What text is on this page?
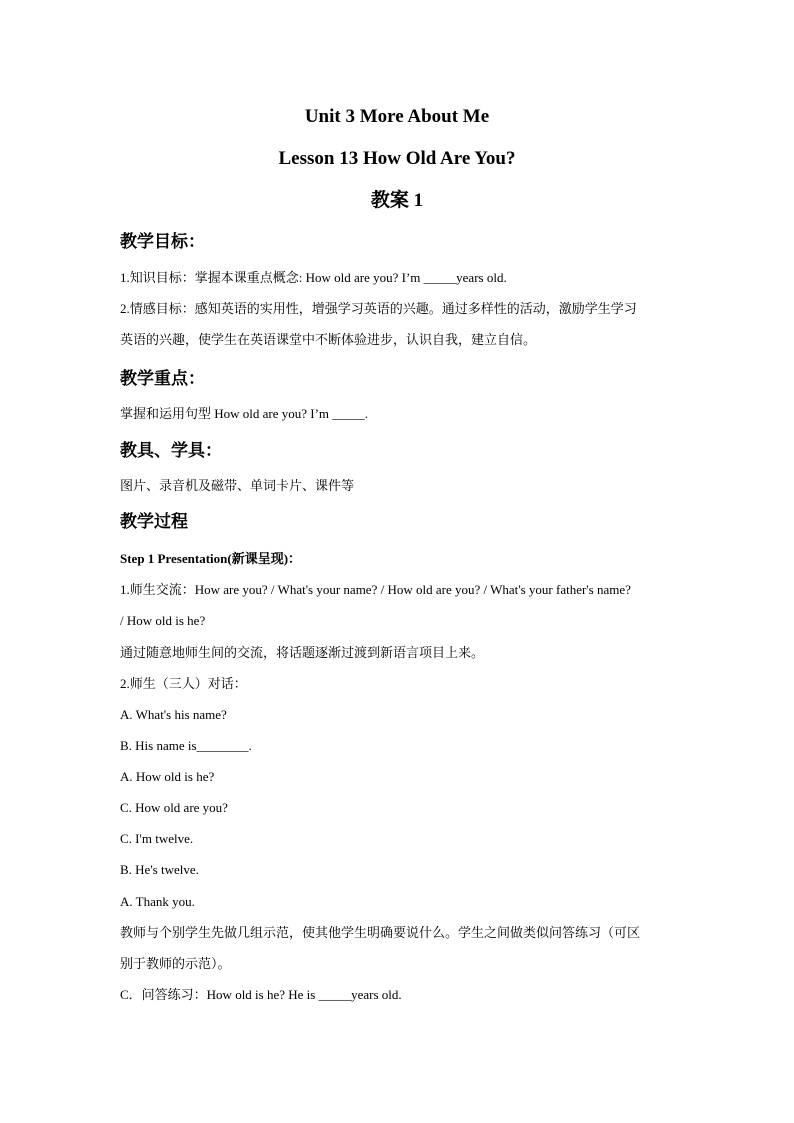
Unit 3 More About Me
Lesson 13 How Old Are You?
教案 1
教学目标：
1.知识目标：掌握本课重点概念: How old are you? I’m _____years old.
2.情感目标：感知英语的实用性，增强学习英语的兴趣。通过多样性的活动，激励学生学习
英语的兴趣，使学生在英语课堂中不断体验进步，认识自我，建立自信。
教学重点：
掌握和运用句型 How old are you? I’m _____.
教具、学具：
图片、录音机及磁带、单词卡片、课件等
教学过程
Step 1 Presentation(新课呈现)：
1.师生交流：How are you? / What's your name? / How old are you? / What's your father's name?
/ How old is he?
通过随意地师生间的交流，将话题逐渐过渡到新语言项目上来。
2.师生（三人）对话：
A. What's his name?
B. His name is________.
A. How old is he?
C. How old are you?
C. I'm twelve.
B. He's twelve.
A. Thank you.
教师与个别学生先做几组示范，使其他学生明确要说什么。学生之间做类似问答练习（可区
别于教师的示范）。
C．问答练习：How old is he? He is _____years old.
